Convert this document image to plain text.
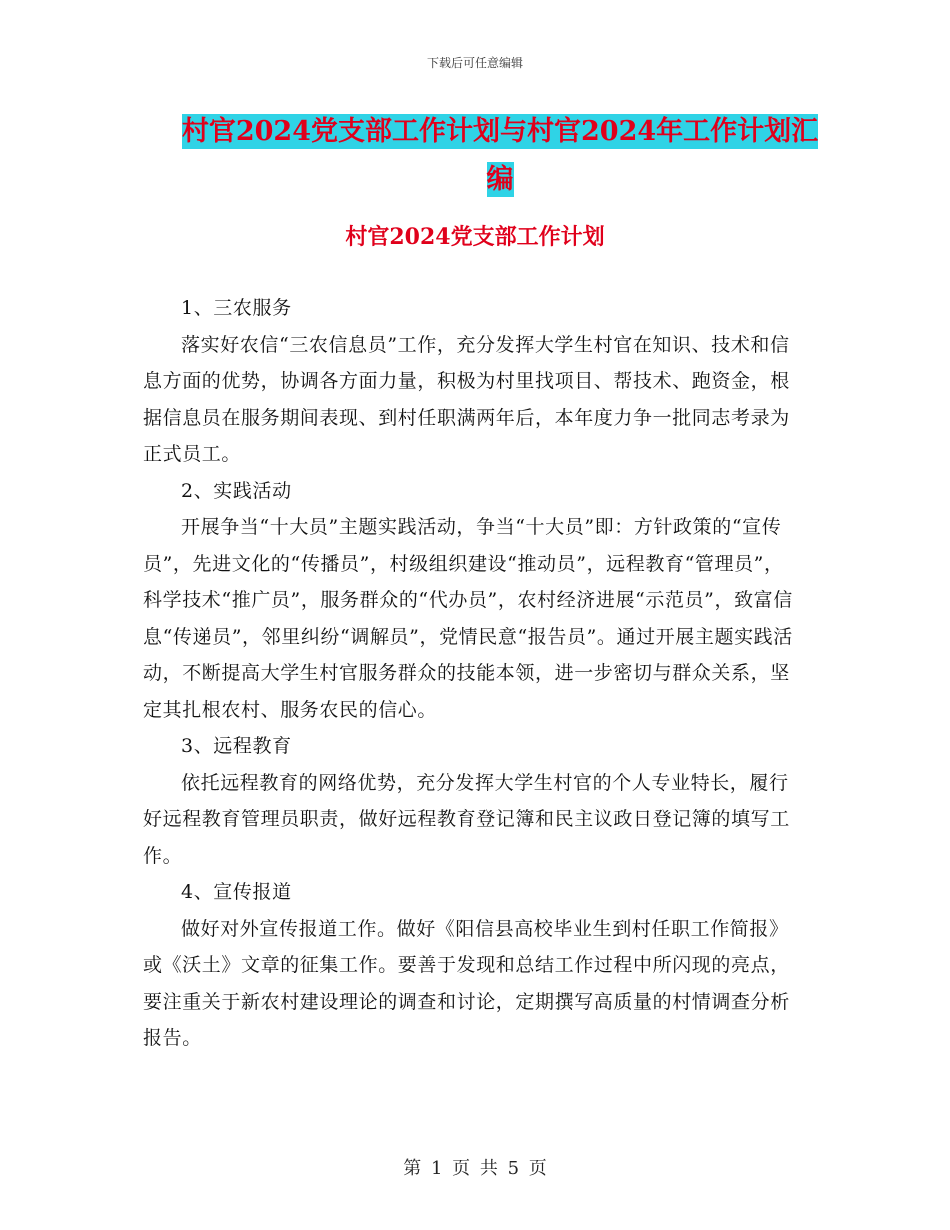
下载后可任意编辑
村官2024党支部工作计划与村官2024年工作计划汇
编
村官2024党支部工作计划

1、三农服务

落实好农信“三农信息员”工作，充分发挥大学生村官在知识、技术和信息方面的优势，协调各方面力量，积极为村里找项目、帮技术、跑资金，根据信息员在服务期间表现、到村任职满两年后，本年度力争一批同志考录为正式员工。

2、实践活动

开展争当“十大员”主题实践活动，争当“十大员”即：方针政策的“宣传员”，先进文化的“传播员”，村级组织建设“推动员”，远程教育“管理员”，科学技术“推广员”，服务群众的“代办员”，农村经济进展“示范员”，致富信息“传递员”，邻里纠纷“调解员”，党情民意“报告员”。通过开展主题实践活动，不断提高大学生村官服务群众的技能本领，进一步密切与群众关系，坚定其扎根农村、服务农民的信心。

3、远程教育

依托远程教育的网络优势，充分发挥大学生村官的个人专业特长，履行好远程教育管理员职责，做好远程教育登记簿和民主议政日登记簿的填写工作。

4、宣传报道

做好对外宣传报道工作。做好《阳信县高校毕业生到村任职工作简报》或《沃土》文章的征集工作。要善于发现和总结工作过程中所闪现的亮点，要注重关于新农村建设理论的调查和讨论，定期撰写高质量的村情调查分析报告。

第 1 页 共 5 页
